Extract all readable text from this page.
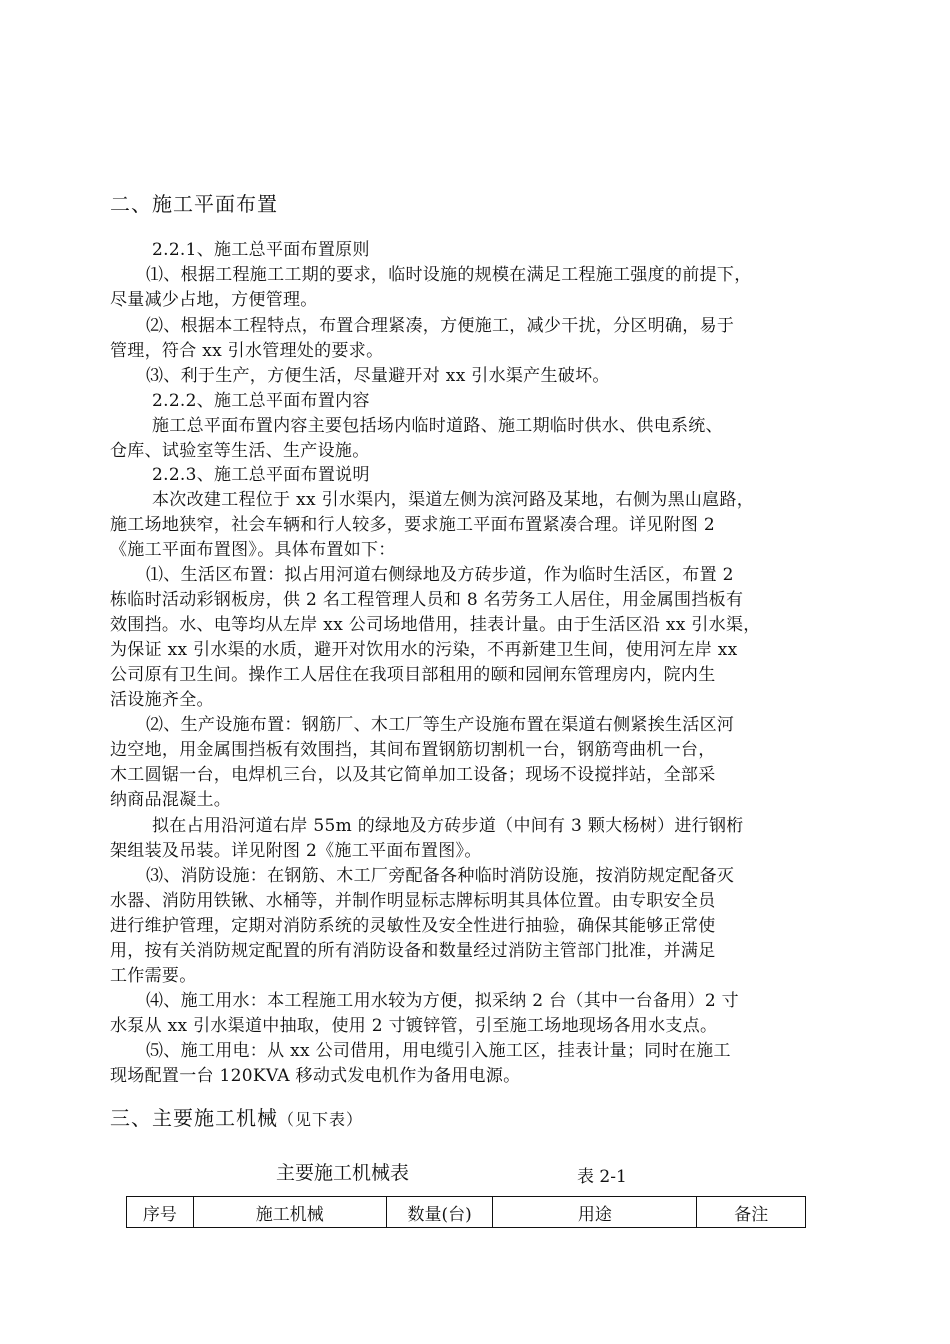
二、施工平面布置
2.2.1、施工总平面布置原则
⑴、根据工程施工工期的要求，临时设施的规模在满足工程施工强度的前提下，
尽量减少占地，方便管理。
⑵、根据本工程特点，布置合理紧凑，方便施工，减少干扰，分区明确，易于
管理，符合 xx 引水管理处的要求。
⑶、利于生产，方便生活，尽量避开对 xx 引水渠产生破坏。
2.2.2、施工总平面布置内容
施工总平面布置内容主要包括场内临时道路、施工期临时供水、供电系统、
仓库、试验室等生活、生产设施。
2.2.3、施工总平面布置说明
本次改建工程位于 xx 引水渠内，渠道左侧为滨河路及某地，右侧为黑山扈路，
施工场地狭窄，社会车辆和行人较多，要求施工平面布置紧凑合理。详见附图 2
《施工平面布置图》。具体布置如下：
⑴、生活区布置：拟占用河道右侧绿地及方砖步道，作为临时生活区，布置 2
栋临时活动彩钢板房，供 2 名工程管理人员和 8 名劳务工人居住，用金属围挡板有
效围挡。水、电等均从左岸 xx 公司场地借用，挂表计量。由于生活区沿 xx 引水渠，
为保证 xx 引水渠的水质，避开对饮用水的污染，不再新建卫生间，使用河左岸 xx
公司原有卫生间。操作工人居住在我项目部租用的颐和园闸东管理房内，院内生
活设施齐全。
⑵、生产设施布置：钢筋厂、木工厂等生产设施布置在渠道右侧紧挨生活区河
边空地，用金属围挡板有效围挡，其间布置钢筋切割机一台，钢筋弯曲机一台，
木工圆锯一台，电焊机三台，以及其它简单加工设备；现场不设搅拌站，全部采
纳商品混凝土。
拟在占用沿河道右岸 55m 的绿地及方砖步道（中间有 3 颗大杨树）进行钢桁
架组装及吊装。详见附图 2《施工平面布置图》。
⑶、消防设施：在钢筋、木工厂旁配备各种临时消防设施，按消防规定配备灭
水器、消防用铁锹、水桶等，并制作明显标志牌标明其具体位置。由专职安全员
进行维护管理，定期对消防系统的灵敏性及安全性进行抽验，确保其能够正常使
用，按有关消防规定配置的所有消防设备和数量经过消防主管部门批准，并满足
工作需要。
⑷、施工用水：本工程施工用水较为方便，拟采纳 2 台（其中一台备用）2 寸
水泵从 xx 引水渠道中抽取，使用 2 寸镀锌管，引至施工场地现场各用水支点。
⑸、施工用电：从 xx 公司借用，用电缆引入施工区，挂表计量；同时在施工
现场配置一台 120KVA 移动式发电机作为备用电源。
三、主要施工机械（见下表）
主要施工机械表	表 2-1
序号	施工机械	数量(台)	用途	备注
